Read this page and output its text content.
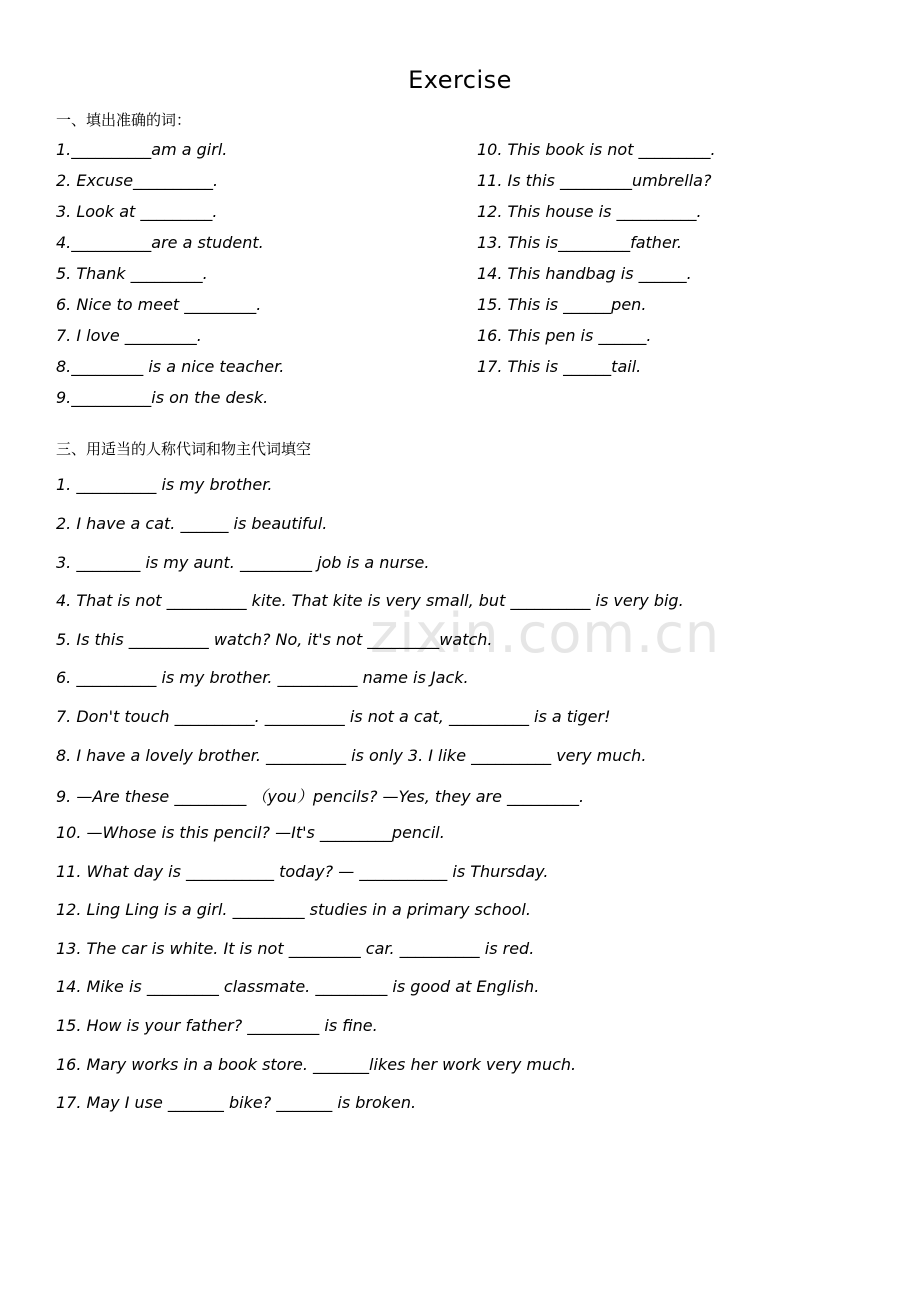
zixin.com.cn
Exercise
一、填出准确的词：
1.__________am a girl.
2. Excuse__________.
3. Look at _________.
4.__________are a student.
5. Thank _________.
6. Nice to meet _________.
7. I love _________.
8._________ is a nice teacher.
9.__________is on the desk.
10. This book is not _________.
11. Is this _________umbrella?
12. This house is __________.
13. This is_________father.
14. This handbag is ______.
15. This is ______pen.
16. This pen is ______.
17. This is ______tail.
三、用适当的人称代词和物主代词填空
1. __________ is my brother.
2. I have a cat. ______ is beautiful.
3. ________ is my aunt. _________ job is a nurse.
4. That is not __________ kite. That kite is very small, but __________ is very big.
5. Is this __________ watch? No, it's not _________watch.
6. __________ is my brother. __________ name is Jack.
7. Don't touch __________. __________ is not a cat, __________ is a tiger!
8. I have a lovely brother. __________ is only 3. I like __________ very much.
9. —Are these _________ （you）pencils? —Yes, they are _________.
10. —Whose is this pencil? —It's _________pencil.
11. What day is ___________ today? — ___________ is Thursday.
12. Ling Ling is a girl. _________ studies in a primary school.
13. The car is white. It is not _________ car. __________ is red.
14. Mike is _________ classmate. _________ is good at English.
15. How is your father? _________ is fine.
16. Mary works in a book store. _______likes her work very much.
17. May I use _______ bike? _______ is broken.
